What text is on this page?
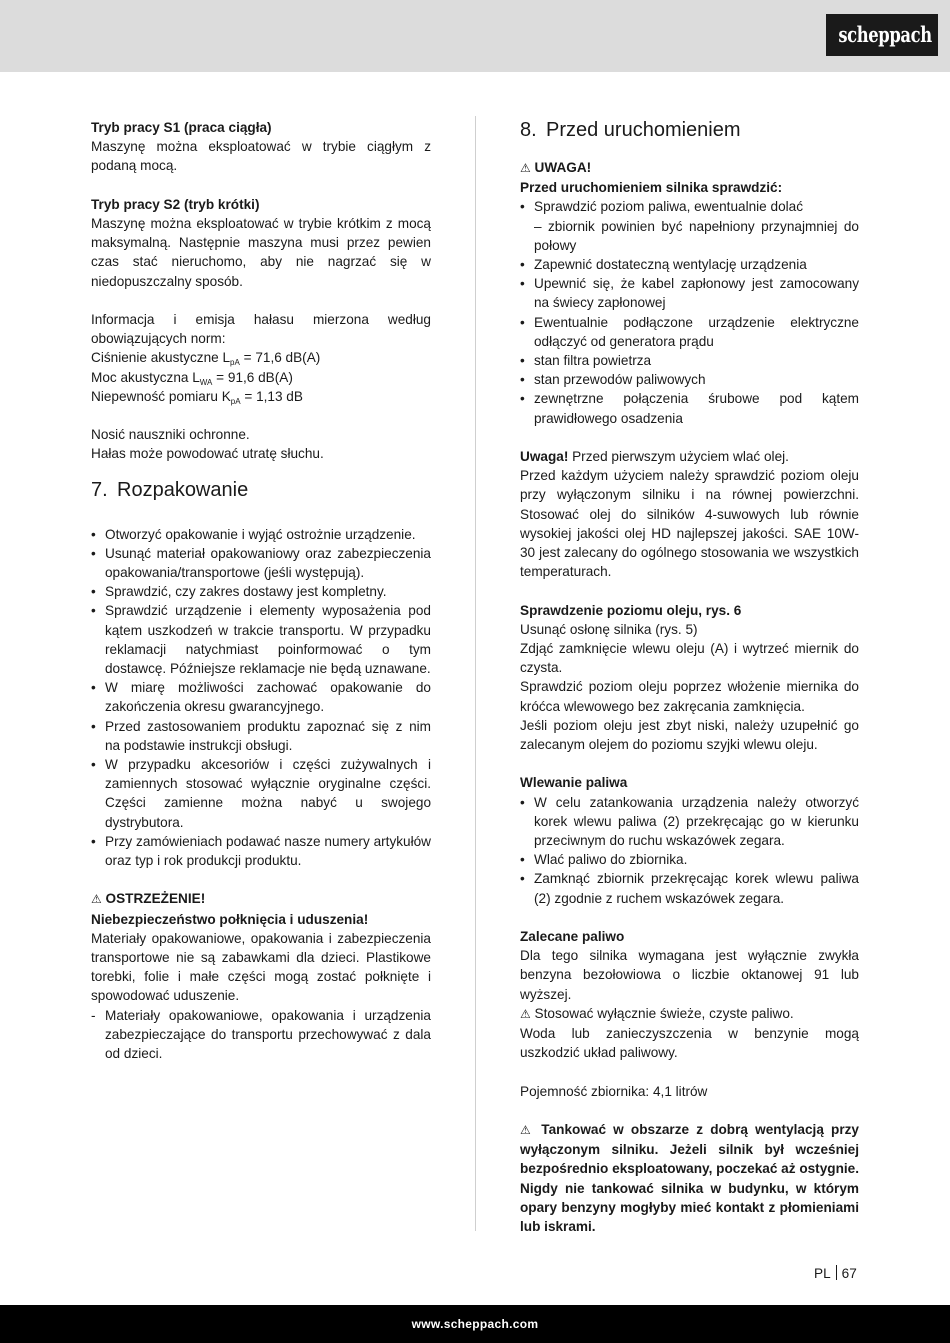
scheppach

Tryb pracy S1 (praca ciągła)

Maszynę można eksploatować w trybie ciągłym z podaną mocą.

Tryb pracy S2 (tryb krótki)

Maszynę można eksploatować w trybie krótkim z mocą maksymalną. Następnie maszyna musi przez pewien czas stać nieruchomo, aby nie nagrzać się w niedopuszczalny sposób.

Informacja i emisja hałasu mierzona według obowiązujących norm:

Ciśnienie akustyczne $L_{pA} = 71,6$ dB(A)

Moc akustyczna $L_{WA} = 91,6$ dB(A)

Niepewność pomiaru $K_{pA} = 1,13$ dB

Nosić nauszniki ochronne.

Hałas może powodować utratę słuchu.

7. Rozpakowanie
• Otworzyć opakowanie i wyjąć ostrożnie urządzenie.
• Usunąć materiał opakowaniowy oraz zabezpieczenia opakowania/transportowe (jeśli występują).
• Sprawdzić, czy zakres dostawy jest kompletny.
• Sprawdzić urządzenie i elementy wyposażenia pod kątem uszkodzeń w trakcie transportu. W przypadku reklamacji natychmiast poinformować o tym dostawcę. Późniejsze reklamacje nie będą uznawane.
• W miarę możliwości zachować opakowanie do zakończenia okresu gwarancyjnego.
• Przed zastosowaniem produktu zapoznać się z nim na podstawie instrukcji obsługi.
• W przypadku akcesoriów i części zużywalnych i zamiennych stosować wyłącznie oryginalne części. Części zamienne można nabyć u swojego dystrybutora.
• Przy zamówieniach podawać nasze numery artykułów oraz typ i rok produkcji produktu.

⚠ OSTRZEŻENIE!

Niebezpieczeństwo połknięcia i uduszenia!

Materiały opakowaniowe, opakowania i zabezpieczenia transportowe nie są zabawkami dla dzieci. Plastikowe torebki, folie i małe części mogą zostać połknięte i spowodować uduszenie.

- Materiały opakowaniowe, opakowania i urządzenia zabezpieczające do transportu przechowywać z dala od dzieci.
8. Przed uruchomieniem

⚠ UWAGA!

Przed uruchomieniem silnika sprawdzić:

• Sprawdzić poziom paliwa, ewentualnie dolać
– zbiornik powinien być napełniony przynajmniej do połowy
• Zapewnić dostateczną wentylację urządzenia
• Upewnić się, że kabel zapłonowy jest zamocowany na świecy zapłonowej
• Ewentualnie podłączone urządzenie elektryczne odłączyć od generatora prądu
• stan filtra powietrza
• stan przewodów paliwowych
• zewnętrzne połączenia śrubowe pod kątem prawidłowego osadzenia

Uwaga! Przed pierwszym użyciem wlać olej.

Przed każdym użyciem należy sprawdzić poziom oleju przy wyłączonym silniku i na równej powierzchni. Stosować olej do silników 4-suwowych lub równie wysokiej jakości olej HD najlepszej jakości. SAE 10W-30 jest zalecany do ogólnego stosowania we wszystkich temperaturach.

Sprawdzenie poziomu oleju, rys. 6

Usunąć osłonę silnika (rys. 5)

Zdjąć zamknięcie wlewu oleju (A) i wytrzeć miernik do czysta.

Sprawdzić poziom oleju poprzez włożenie miernika do króćca wlewowego bez zakręcania zamknięcia.

Jeśli poziom oleju jest zbyt niski, należy uzupełnić go zalecanym olejem do poziomu szyjki wlewu oleju.

Wlewanie paliwa

• W celu zatankowania urządzenia należy otworzyć korek wlewu paliwa (2) przekręcając go w kierunku przeciwnym do ruchu wskazówek zegara.
• Wlać paliwo do zbiornika.
• Zamknąć zbiornik przekręcając korek wlewu paliwa (2) zgodnie z ruchem wskazówek zegara.

Zalecane paliwo

Dla tego silnika wymagana jest wyłącznie zwykła benzyna bezołowiowa o liczbie oktanowej 91 lub wyższej.

⚠ Stosować wyłącznie świeże, czyste paliwo.

Woda lub zanieczyszczenia w benzynie mogą uszkodzić układ paliwowy.

Pojemność zbiornika: 4,1 litrów

⚠ Tankować w obszarze z dobrą wentylacją przy wyłączonym silniku. Jeżeli silnik był wcześniej bezpośrednio eksploatowany, poczekać aż ostygnie. Nigdy nie tankować silnika w budynku, w którym opary benzyny mogłyby mieć kontakt z płomieniami lub iskrami.

PL 67
www.scheppach.com
